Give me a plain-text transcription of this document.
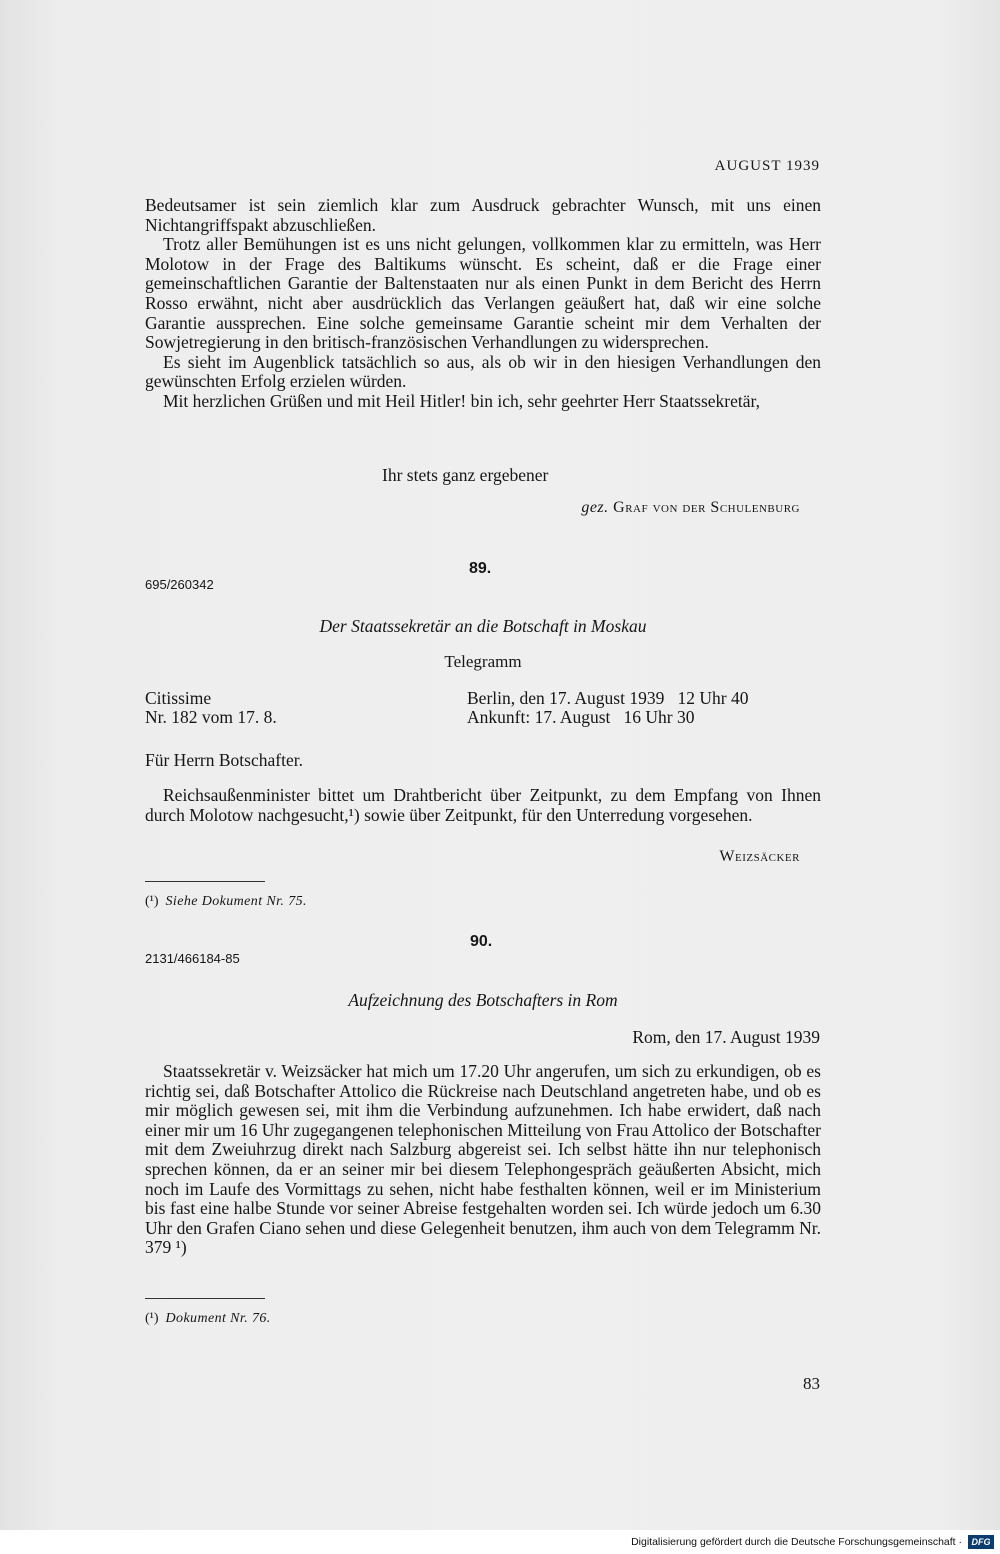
AUGUST 1939

Bedeutsamer ist sein ziemlich klar zum Ausdruck gebrachter Wunsch, mit uns einen Nichtangriffspakt abzuschließen.

Trotz aller Bemühungen ist es uns nicht gelungen, vollkommen klar zu ermitteln, was Herr Molotow in der Frage des Baltikums wünscht. Es scheint, daß er die Frage einer gemeinschaftlichen Garantie der Baltenstaaten nur als einen Punkt in dem Bericht des Herrn Rosso erwähnt, nicht aber ausdrücklich das Verlangen geäußert hat, daß wir eine solche Garantie aussprechen. Eine solche gemeinsame Garantie scheint mir dem Verhalten der Sowjetregierung in den britisch-französischen Verhandlungen zu widersprechen.

Es sieht im Augenblick tatsächlich so aus, als ob wir in den hiesigen Verhandlungen den gewünschten Erfolg erzielen würden.

Mit herzlichen Grüßen und mit Heil Hitler! bin ich, sehr geehrter Herr Staatssekretär,

Ihr stets ganz ergebener
gez. Graf von der Schulenburg
89.
695/260342
Der Staatssekretär an die Botschaft in Moskau
Telegramm
Citissime
Nr. 182 vom 17. 8.
Berlin, den 17. August 1939   12 Uhr 40
Ankunft: 17. August   16 Uhr 30
Für Herrn Botschafter.

Reichsaußenminister bittet um Drahtbericht über Zeitpunkt, zu dem Empfang von Ihnen durch Molotow nachgesucht,¹) sowie über Zeitpunkt, für den Unterredung vorgesehen.

Weizsäcker
(¹) Siehe Dokument Nr. 75.
90.
2131/466184-85
Aufzeichnung des Botschafters in Rom
Rom, den 17. August 1939

Staatssekretär v. Weizsäcker hat mich um 17.20 Uhr angerufen, um sich zu erkundigen, ob es richtig sei, daß Botschafter Attolico die Rückreise nach Deutschland angetreten habe, und ob es mir möglich gewesen sei, mit ihm die Verbindung aufzunehmen. Ich habe erwidert, daß nach einer mir um 16 Uhr zugegangenen telephonischen Mitteilung von Frau Attolico der Botschafter mit dem Zweiuhrzug direkt nach Salzburg abgereist sei. Ich selbst hätte ihn nur telephonisch sprechen können, da er an seiner mir bei diesem Telephongespräch geäußerten Absicht, mich noch im Laufe des Vormittags zu sehen, nicht habe festhalten können, weil er im Ministerium bis fast eine halbe Stunde vor seiner Abreise festgehalten worden sei. Ich würde jedoch um 6.30 Uhr den Grafen Ciano sehen und diese Gelegenheit benutzen, ihm auch von dem Telegramm Nr. 379 ¹)

(¹) Dokument Nr. 76.
83
Digitalisierung gefördert durch die Deutsche Forschungsgemeinschaft ·	DFG
